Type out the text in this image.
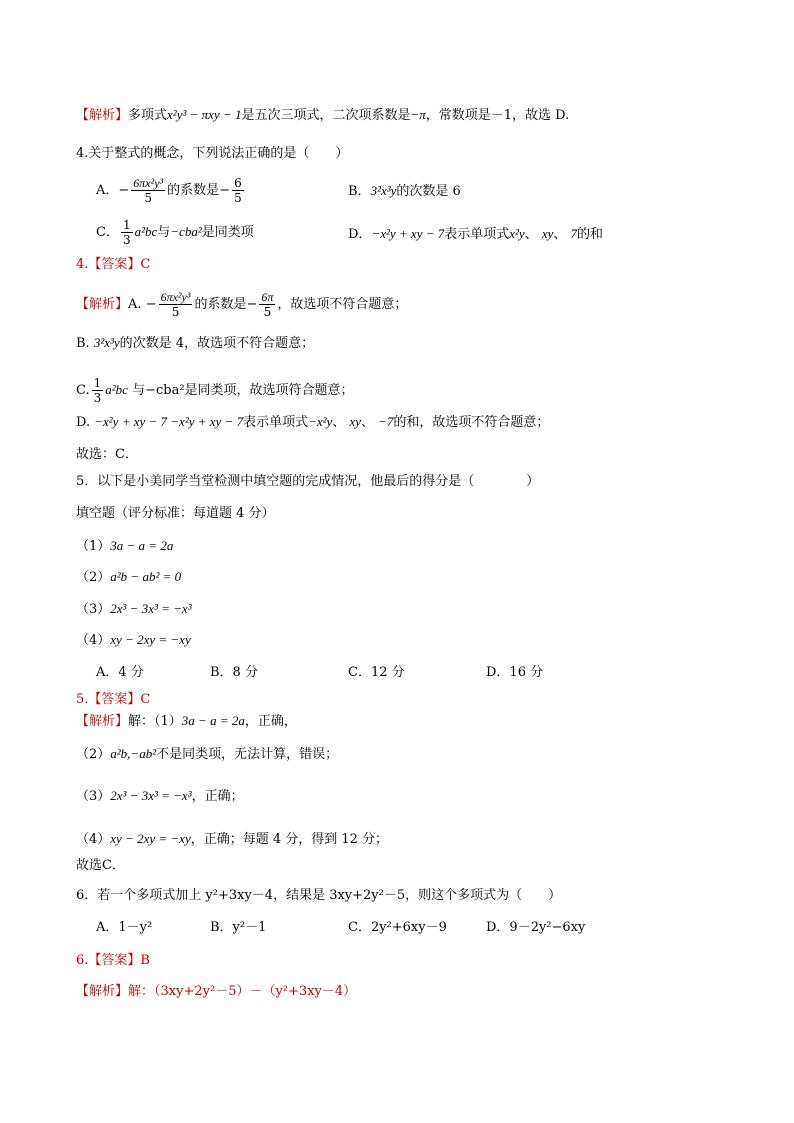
【解析】多项式x²y³ − πxy − 1是五次三项式，二次项系数是−π，常数项是－1，故选 D.
4.关于整式的概念，下列说法正确的是（　　）
A．− $\frac{\text{6πx²y³}}{5}$ 的系数是− $\frac{6}{5}$	B．3²x³y的次数是 6
C． $\frac{1}{3} a^2bc$与−cba²是同类项	D．−x²y + xy − 7表示单项式x²y、 xy、 7的和
4.【答案】C
【解析】A. − $\frac{\text{6πx²y³}}{5}$ 的系数是− $\frac{6\pi}{5}$ ，故选项不符合题意；
B. 3²x³y的次数是 4，故选项不符合题意；
C. $\frac{1}{3} a^2bc$ 与−cba²是同类项，故选项符合题意；
D. −x²y + xy − 7 −x²y + xy − 7表示单项式−x²y、 xy、 −7的和，故选项不符合题意；
故选：C．
5．以下是小美同学当堂检测中填空题的完成情况，他最后的得分是（　　　　）
填空题（评分标准：每道题 4 分）
（1）3a − a = 2a
（2）a²b − ab² = 0
（3）2x³ − 3x³ = −x³
（4）xy − 2xy = −xy
A．4 分	B．8 分	C．12 分	D．16 分
5.【答案】C
【解析】解：（1）3a − a = 2a，正确，
（2）a²b,−ab²不是同类项，无法计算，错误；
（3）2x³ − 3x³ = −x³，正确；
（4）xy − 2xy = −xy，正确；每题 4 分，得到 12 分；
故选C．
6．若一个多项式加上 y²+3xy－4，结果是 3xy+2y²－5，则这个多项式为（　　）
A．1－y²	B．y²－1	C．2y²+6xy－9	D．9－2y²−6xy
6.【答案】B
【解析】解：（3xy+2y²－5）－（y²+3xy－4）
